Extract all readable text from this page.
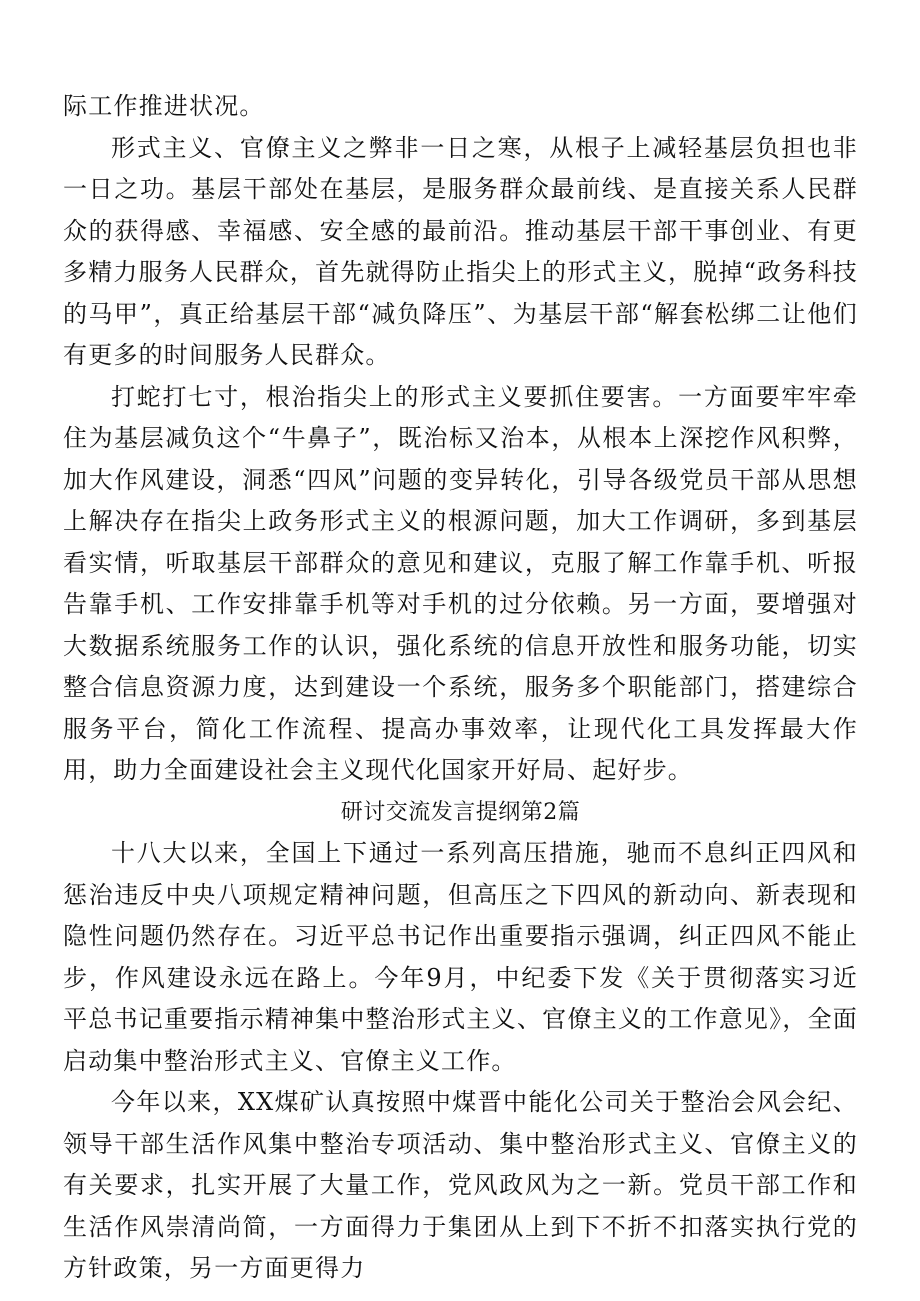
际工作推进状况。

形式主义、官僚主义之弊非一日之寒，从根子上减轻基层负担也非一日之功。基层干部处在基层，是服务群众最前线、是直接关系人民群众的获得感、幸福感、安全感的最前沿。推动基层干部干事创业、有更多精力服务人民群众，首先就得防止指尖上的形式主义，脱掉“政务科技的马甲”，真正给基层干部“减负降压”、为基层干部“解套松绑二让他们有更多的时间服务人民群众。

打蛇打七寸，根治指尖上的形式主义要抓住要害。一方面要牢牢牵住为基层减负这个“牛鼻子”，既治标又治本，从根本上深挖作风积弊，加大作风建设，洞悉“四风”问题的变异转化，引导各级党员干部从思想上解决存在指尖上政务形式主义的根源问题，加大工作调研，多到基层看实情，听取基层干部群众的意见和建议，克服了解工作靠手机、听报告靠手机、工作安排靠手机等对手机的过分依赖。另一方面，要增强对大数据系统服务工作的认识，强化系统的信息开放性和服务功能，切实整合信息资源力度，达到建设一个系统，服务多个职能部门，搭建综合服务平台，简化工作流程、提高办事效率，让现代化工具发挥最大作用，助力全面建设社会主义现代化国家开好局、起好步。

研讨交流发言提纲第2篇

十八大以来，全国上下通过一系列高压措施，驰而不息纠正四风和惩治违反中央八项规定精神问题，但高压之下四风的新动向、新表现和隐性问题仍然存在。习近平总书记作出重要指示强调，纠正四风不能止步，作风建设永远在路上。今年9月，中纪委下发《关于贯彻落实习近平总书记重要指示精神集中整治形式主义、官僚主义的工作意见》，全面启动集中整治形式主义、官僚主义工作。

今年以来，XX煤矿认真按照中煤晋中能化公司关于整治会风会纪、领导干部生活作风集中整治专项活动、集中整治形式主义、官僚主义的有关要求，扎实开展了大量工作，党风政风为之一新。党员干部工作和生活作风崇清尚简，一方面得力于集团从上到下不折不扣落实执行党的方针政策，另一方面更得力
